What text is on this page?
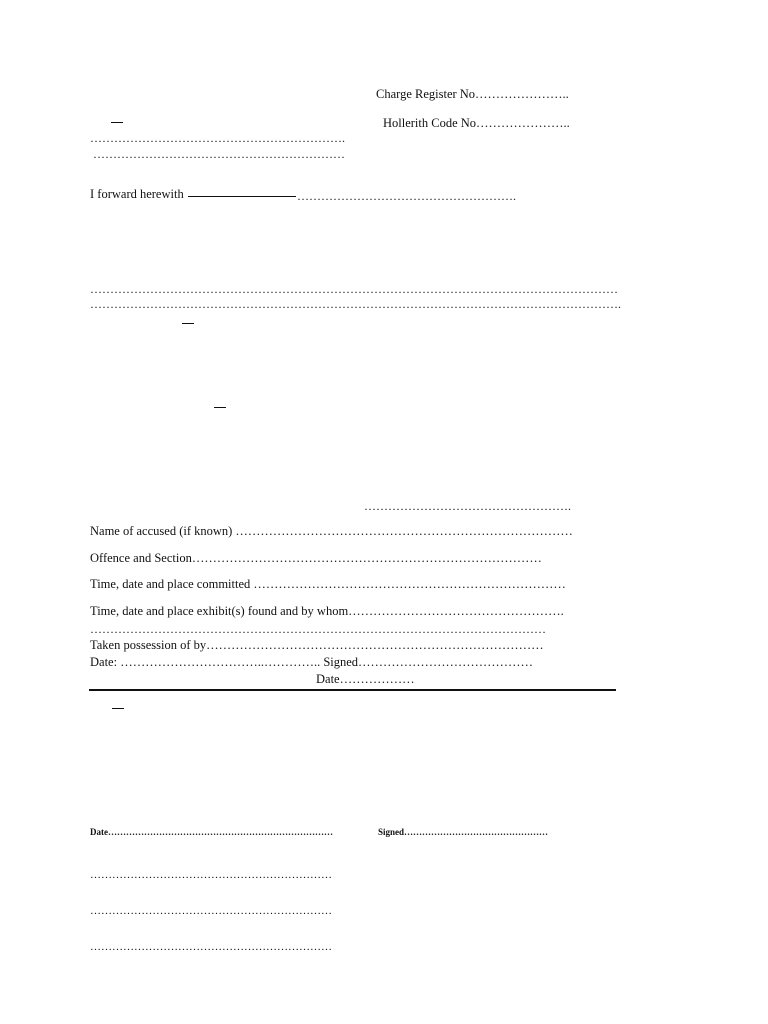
Charge Register No…………………..
Hollerith Code No…………………..
……………………………………………………….
………………………………………………………
I forward herewith	……………………………………………….
……………………………………………………………………………………………………………………
…………………………………………………………………………………………………………………….
…………………………………………….
Name of accused (if known) ………………………………………………………………………
Offence and Section…………………………………………………………………………
Time, date and place committed …………………………………………………………………
Time, date and place exhibit(s) found and by whom…………………………………………….
……………………………………………………………………………………………………
Taken possession of by………………………………………………………………………
Date: ……………………………..………….. Signed……………………………………
Date………………
Date…………………………………………………………………	Signed…………………………………………
…………………………………………………………
…………………………………………………………
…………………………………………………………
